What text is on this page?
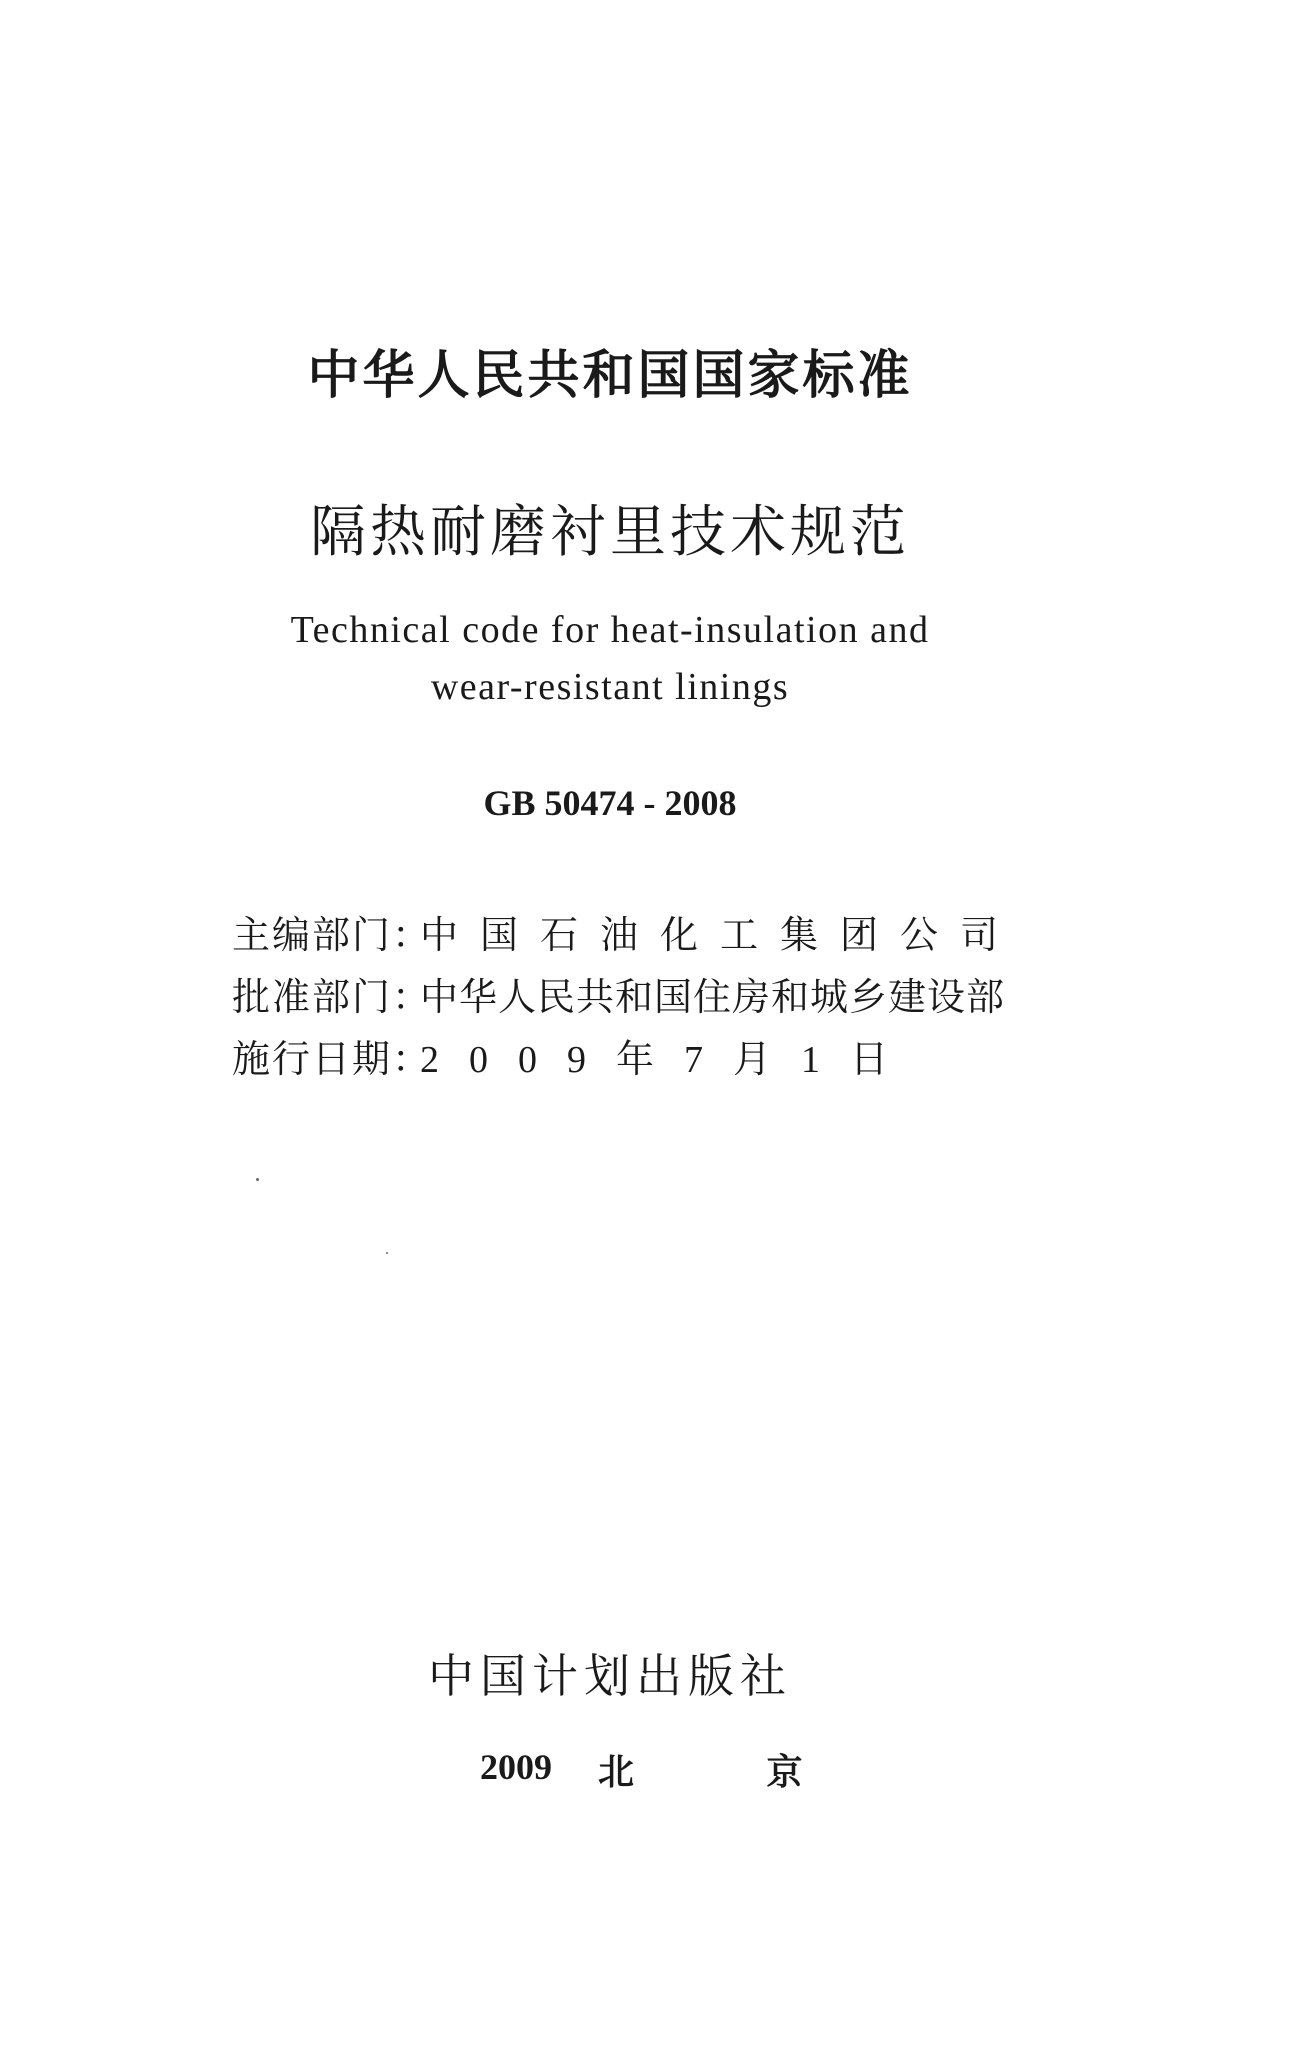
中华人民共和国国家标准
隔热耐磨衬里技术规范
Technical code for heat-insulation and
wear-resistant linings
GB 50474 - 2008
主编部门：
中国石油化工集团公司
批准部门：
中华人民共和国住房和城乡建设部
施行日期：
2009年7月1日
中国计划出版社
2009 北 京
